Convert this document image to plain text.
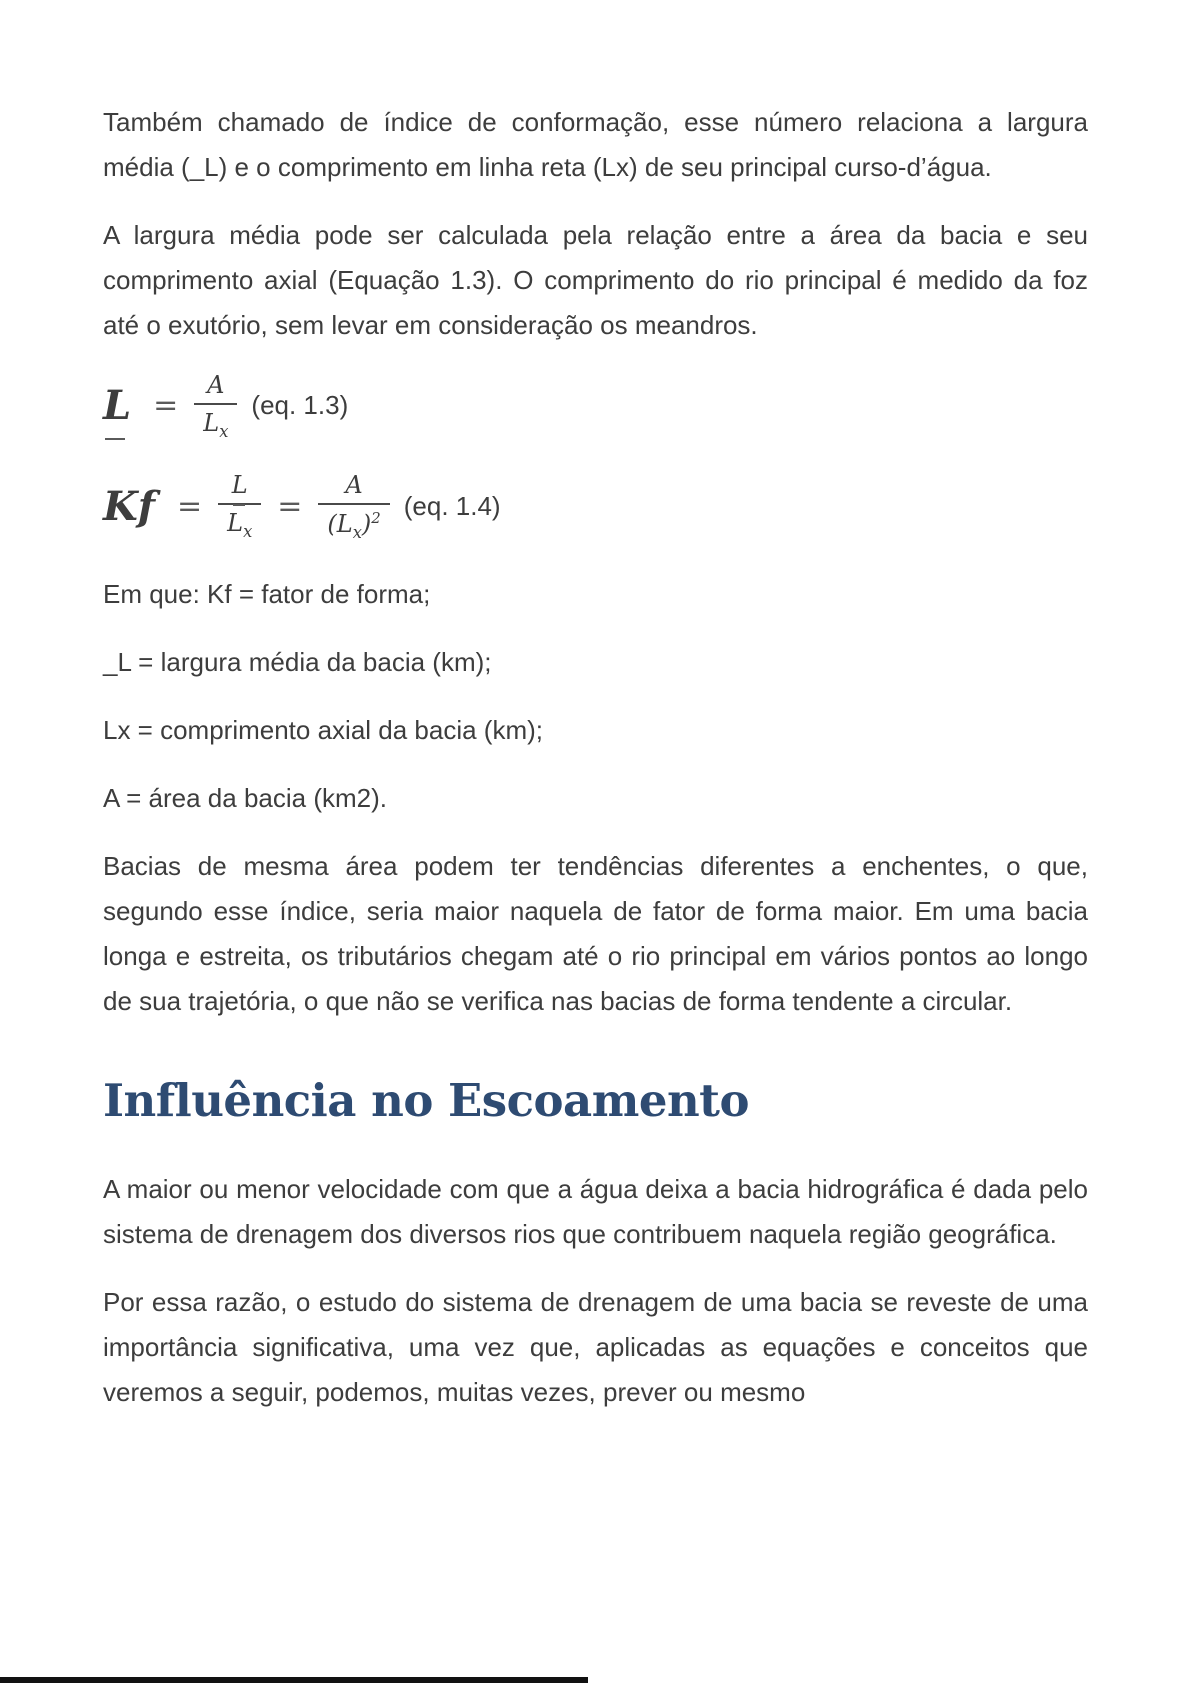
Também chamado de índice de conformação, esse número relaciona a largura média (_L) e o comprimento em linha reta (Lx) de seu principal curso-d’água.

A largura média pode ser calculada pela relação entre a área da bacia e seu comprimento axial (Equação 1.3). O comprimento do rio principal é medido da foz até o exutório, sem levar em consideração os meandros.

$L = \frac{A}{L_x} (eq$. 1.3)
$Kf = \frac{L}{L_x} = \frac{A}{(L_x)^2} (eq$. 1.4)

Em que: Kf = fator de forma;

_L = largura média da bacia (km);

Lx = comprimento axial da bacia (km);

A = área da bacia (km2).

Bacias de mesma área podem ter tendências diferentes a enchentes, o que, segundo esse índice, seria maior naquela de fator de forma maior. Em uma bacia longa e estreita, os tributários chegam até o rio principal em vários pontos ao longo de sua trajetória, o que não se verifica nas bacias de forma tendente a circular.

Influência no Escoamento

A maior ou menor velocidade com que a água deixa a bacia hidrográfica é dada pelo sistema de drenagem dos diversos rios que contribuem naquela região geográfica.

Por essa razão, o estudo do sistema de drenagem de uma bacia se reveste de uma importância significativa, uma vez que, aplicadas as equações e conceitos que veremos a seguir, podemos, muitas vezes, prever ou mesmo
